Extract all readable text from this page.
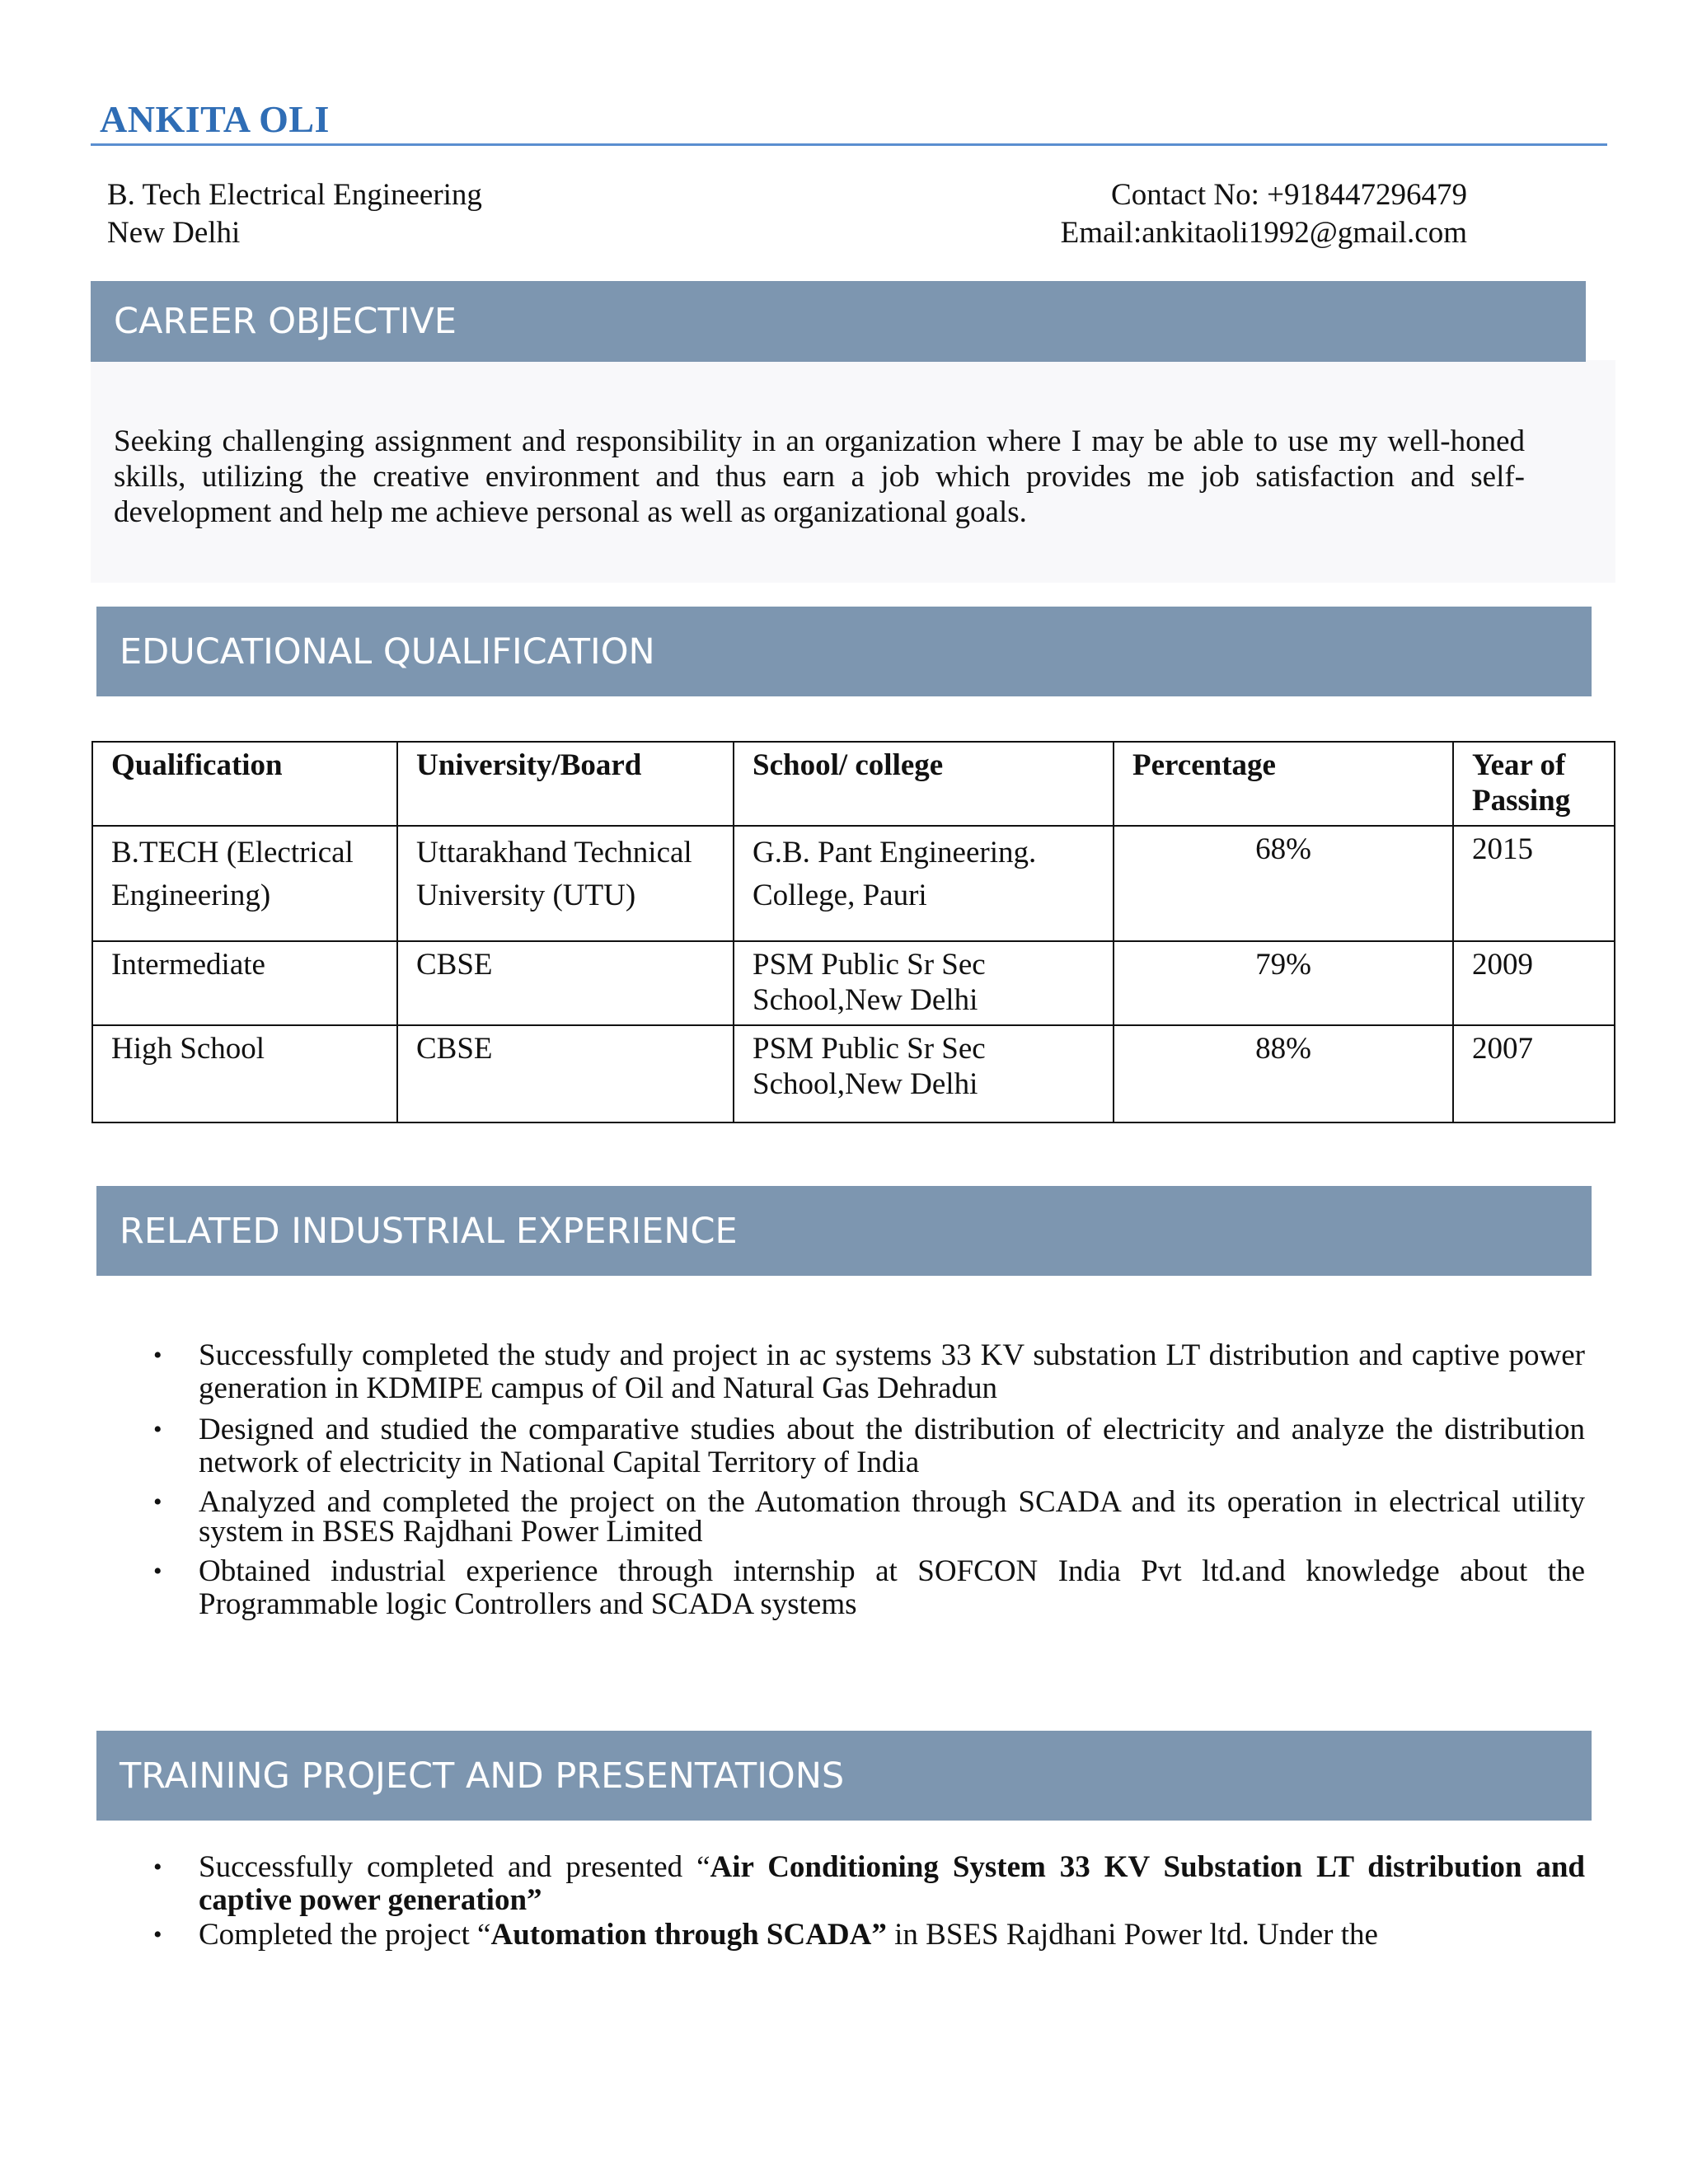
ANKITA OLI
B. Tech Electrical Engineering
New Delhi
Contact No: +918447296479
Email:ankitaoli1992@gmail.com
CAREER OBJECTIVE
Seeking challenging assignment and responsibility in an organization where I may be able to use my well-honed skills, utilizing the creative environment and thus earn a job which provides me job satisfaction and self-development and help me achieve personal as well as organizational goals.
EDUCATIONAL QUALIFICATION
Qualification	University/Board	School/ college	Percentage	Year of Passing
B.TECH (Electrical Engineering)	Uttarakhand Technical University (UTU)	G.B. Pant Engineering. College, Pauri	68%	2015
Intermediate	CBSE	PSM Public Sr Sec School,New Delhi	79%	2009
High School	CBSE	PSM Public Sr Sec School,New Delhi	88%	2007
RELATED INDUSTRIAL EXPERIENCE
• Successfully completed the study and project in ac systems 33 KV substation LT distribution and captive power generation in KDMIPE campus of Oil and Natural Gas Dehradun
• Designed and studied the comparative studies about the distribution of electricity and analyze the distribution network of electricity in National Capital Territory of India
• Analyzed and completed the project on the Automation through SCADA and its operation in electrical utility system in BSES Rajdhani Power Limited
• Obtained industrial experience through internship at SOFCON India Pvt ltd.and knowledge about the Programmable logic Controllers and SCADA systems
TRAINING PROJECT AND PRESENTATIONS
• Successfully completed and presented “Air Conditioning System 33 KV Substation LT distribution and captive power generation”
• Completed the project “Automation through SCADA” in BSES Rajdhani Power ltd. Under the
